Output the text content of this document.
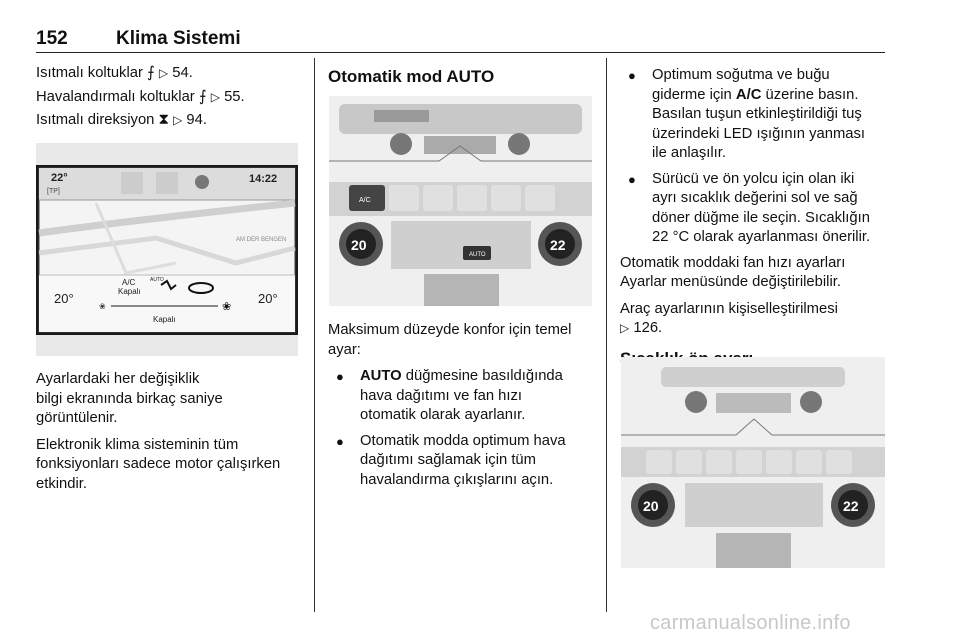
152	Klima Sistemi

Isıtmalı koltuklar ⨍ ▷ 54.

Havalandırmalı koltuklar ⨍ ▷ 55.

Isıtmalı direksiyon ⧗ ▷ 94.

22°
[TP]
14:22
AM DER BENGEN
A/C
Kapalı
AUTO
20°	20°
❀	❀
Kapalı

Ayarlardaki her değişiklik
bilgi ekranında birkaç saniye
görüntülenir.

Elektronik klima sisteminin tüm
fonksiyonları sadece motor çalışırken
etkindir.

Otomatik mod AUTO

A/C
20	22
AUTO

Maksimum düzeyde konfor için temel
ayar:

● AUTO düğmesine basıldığında
hava dağıtımı ve fan hızı
otomatik olarak ayarlanır.
● Otomatik modda optimum hava
dağıtımı sağlamak için tüm
havalandırma çıkışlarını açın.
● Optimum soğutma ve buğu
giderme için A/C üzerine basın.
Basılan tuşun etkinleştirildiği tuş
üzerindeki LED ışığının yanması
ile anlaşılır.
● Sürücü ve ön yolcu için olan iki
ayrı sıcaklık değerini sol ve sağ
döner düğme ile seçin. Sıcaklığın
22 °C olarak ayarlanması önerilir.

Otomatik moddaki fan hızı ayarları
Ayarlar menüsünde değiştirilebilir.

Araç ayarlarının kişiselleştirilmesi
▷ 126.

20	22
carmanualsonline.info
